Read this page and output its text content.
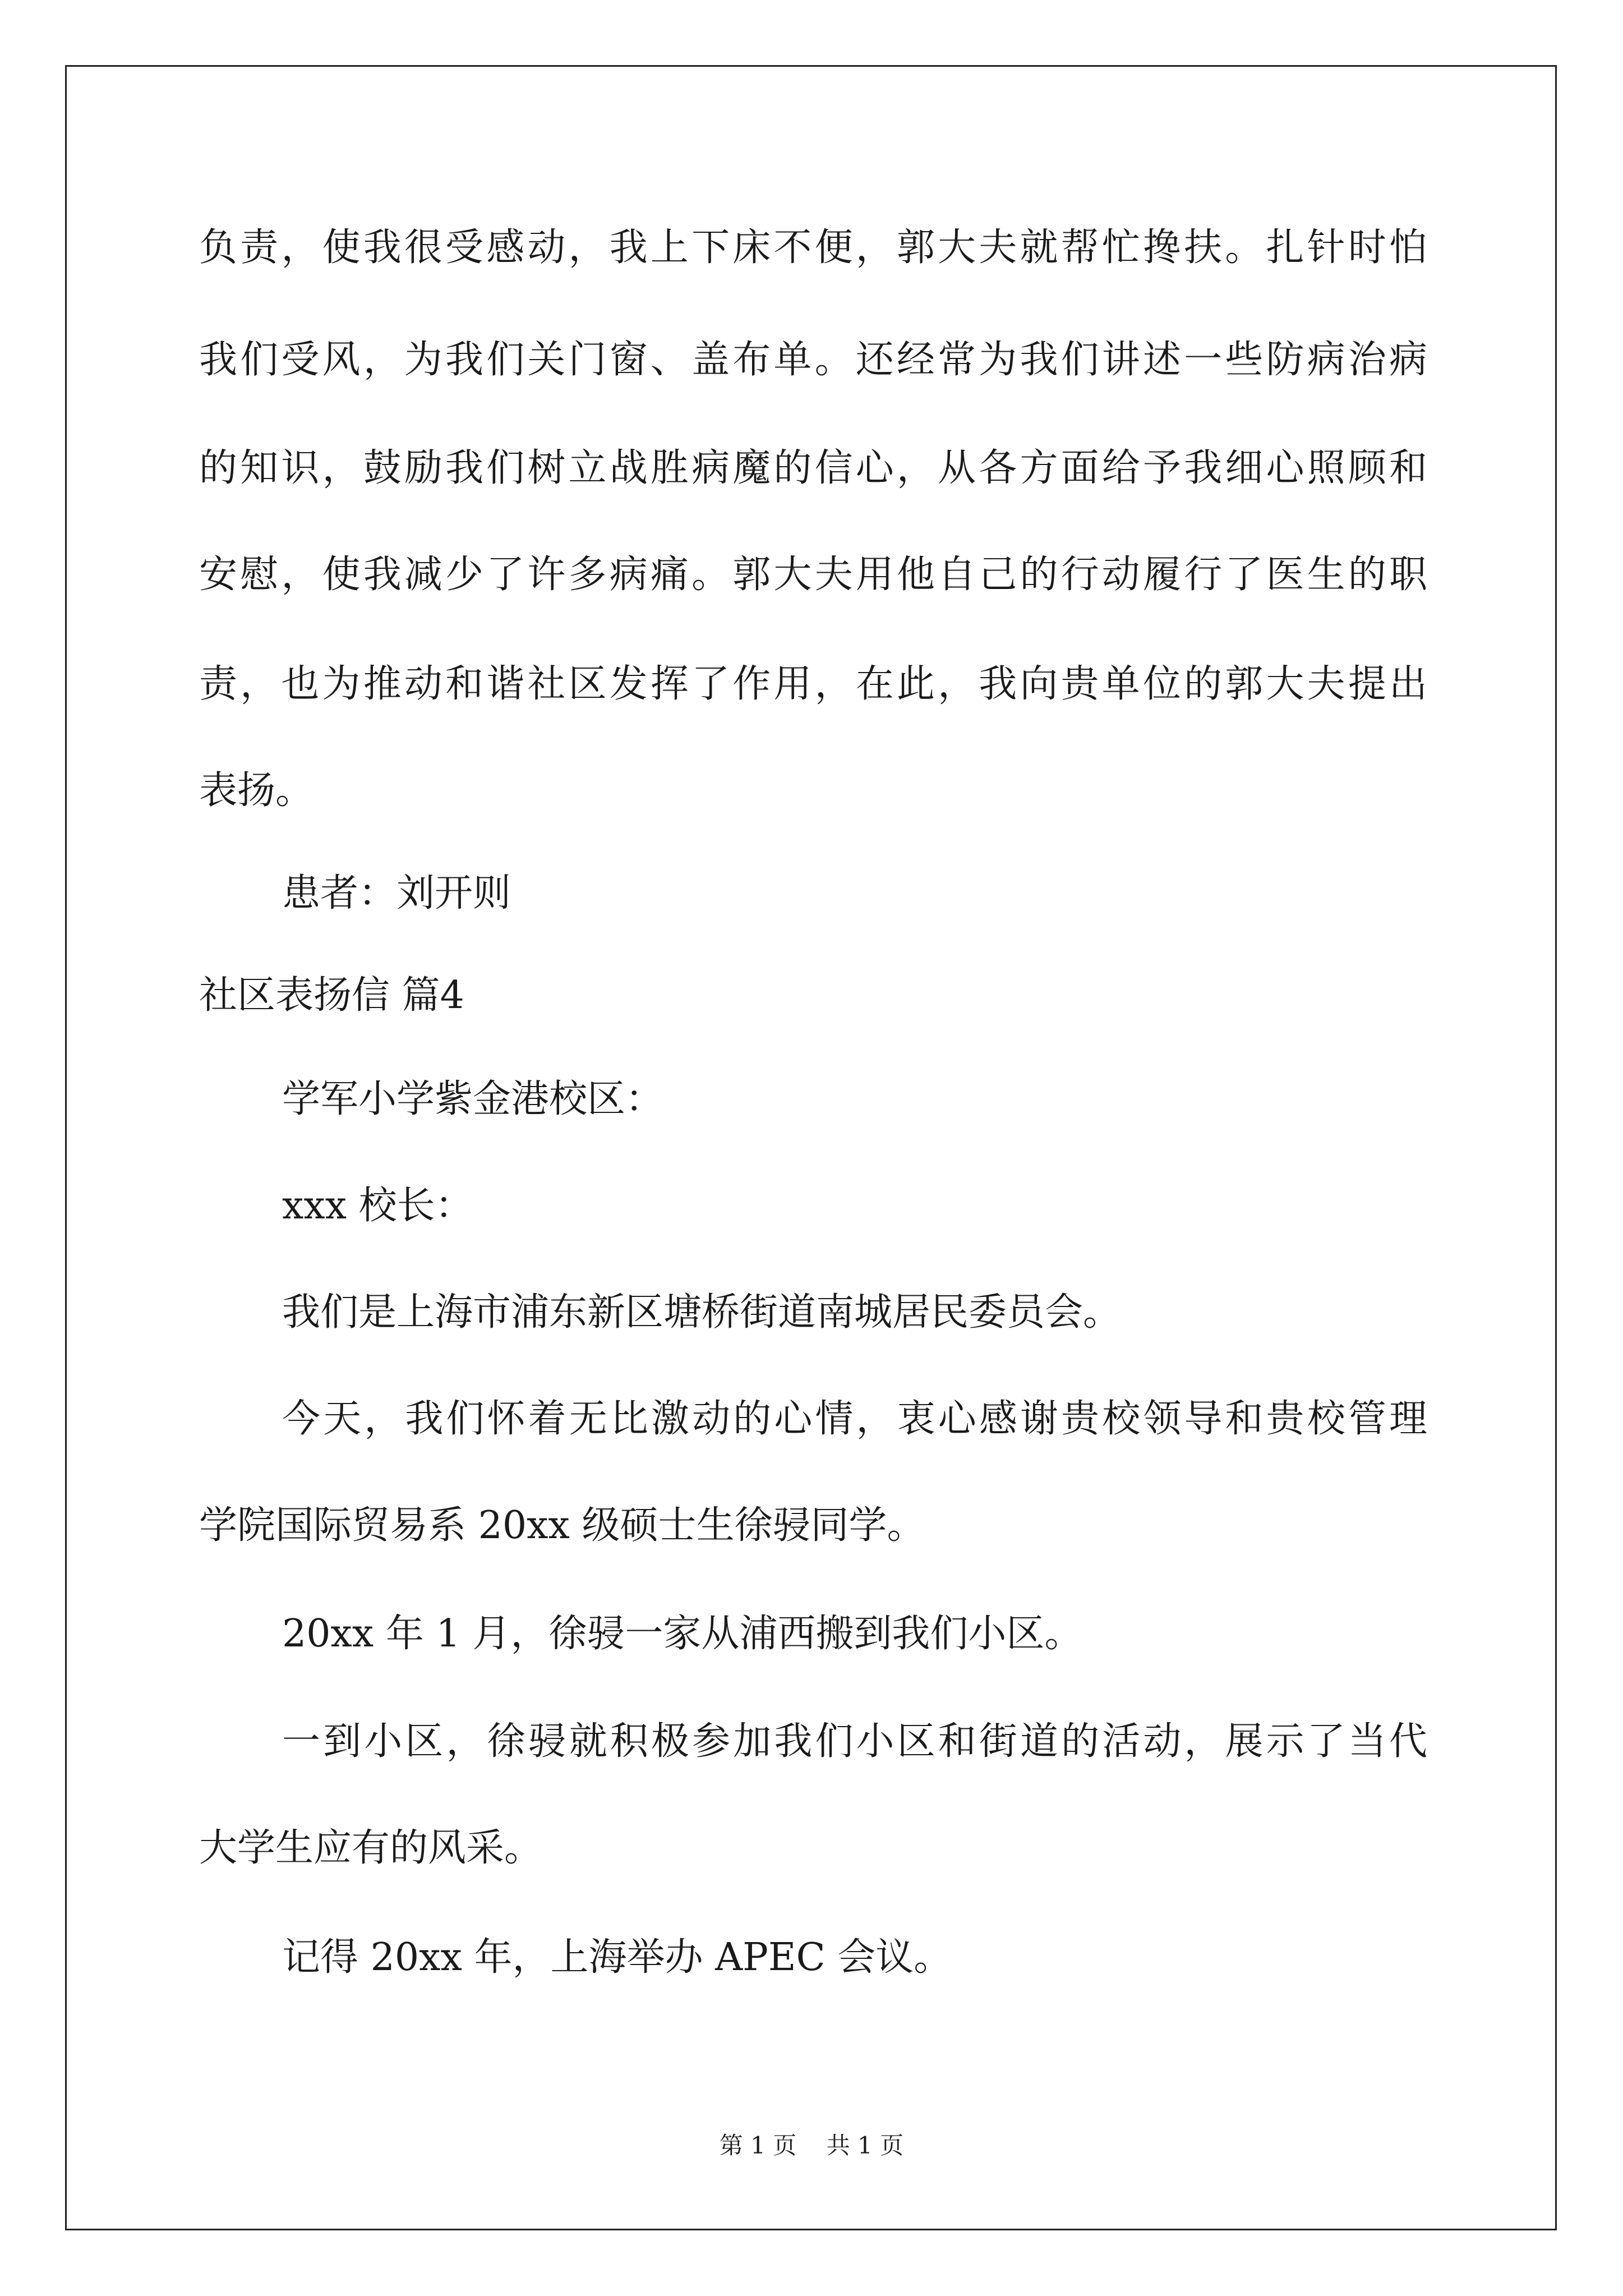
负责，使我很受感动，我上下床不便，郭大夫就帮忙搀扶。扎针时怕
我们受风，为我们关门窗、盖布单。还经常为我们讲述一些防病治病
的知识，鼓励我们树立战胜病魔的信心，从各方面给予我细心照顾和
安慰，使我减少了许多病痛。郭大夫用他自己的行动履行了医生的职
责，也为推动和谐社区发挥了作用，在此，我向贵单位的郭大夫提出
表扬。
患者：刘开则
社区表扬信 篇4
学军小学紫金港校区：
xxx 校长：
我们是上海市浦东新区塘桥街道南城居民委员会。
今天，我们怀着无比激动的心情，衷心感谢贵校领导和贵校管理
学院国际贸易系 20xx 级硕士生徐骎同学。
20xx 年 1 月，徐骎一家从浦西搬到我们小区。
一到小区，徐骎就积极参加我们小区和街道的活动，展示了当代
大学生应有的风采。
记得 20xx 年，上海举办 APEC 会议。
第 1 页    共 1 页
